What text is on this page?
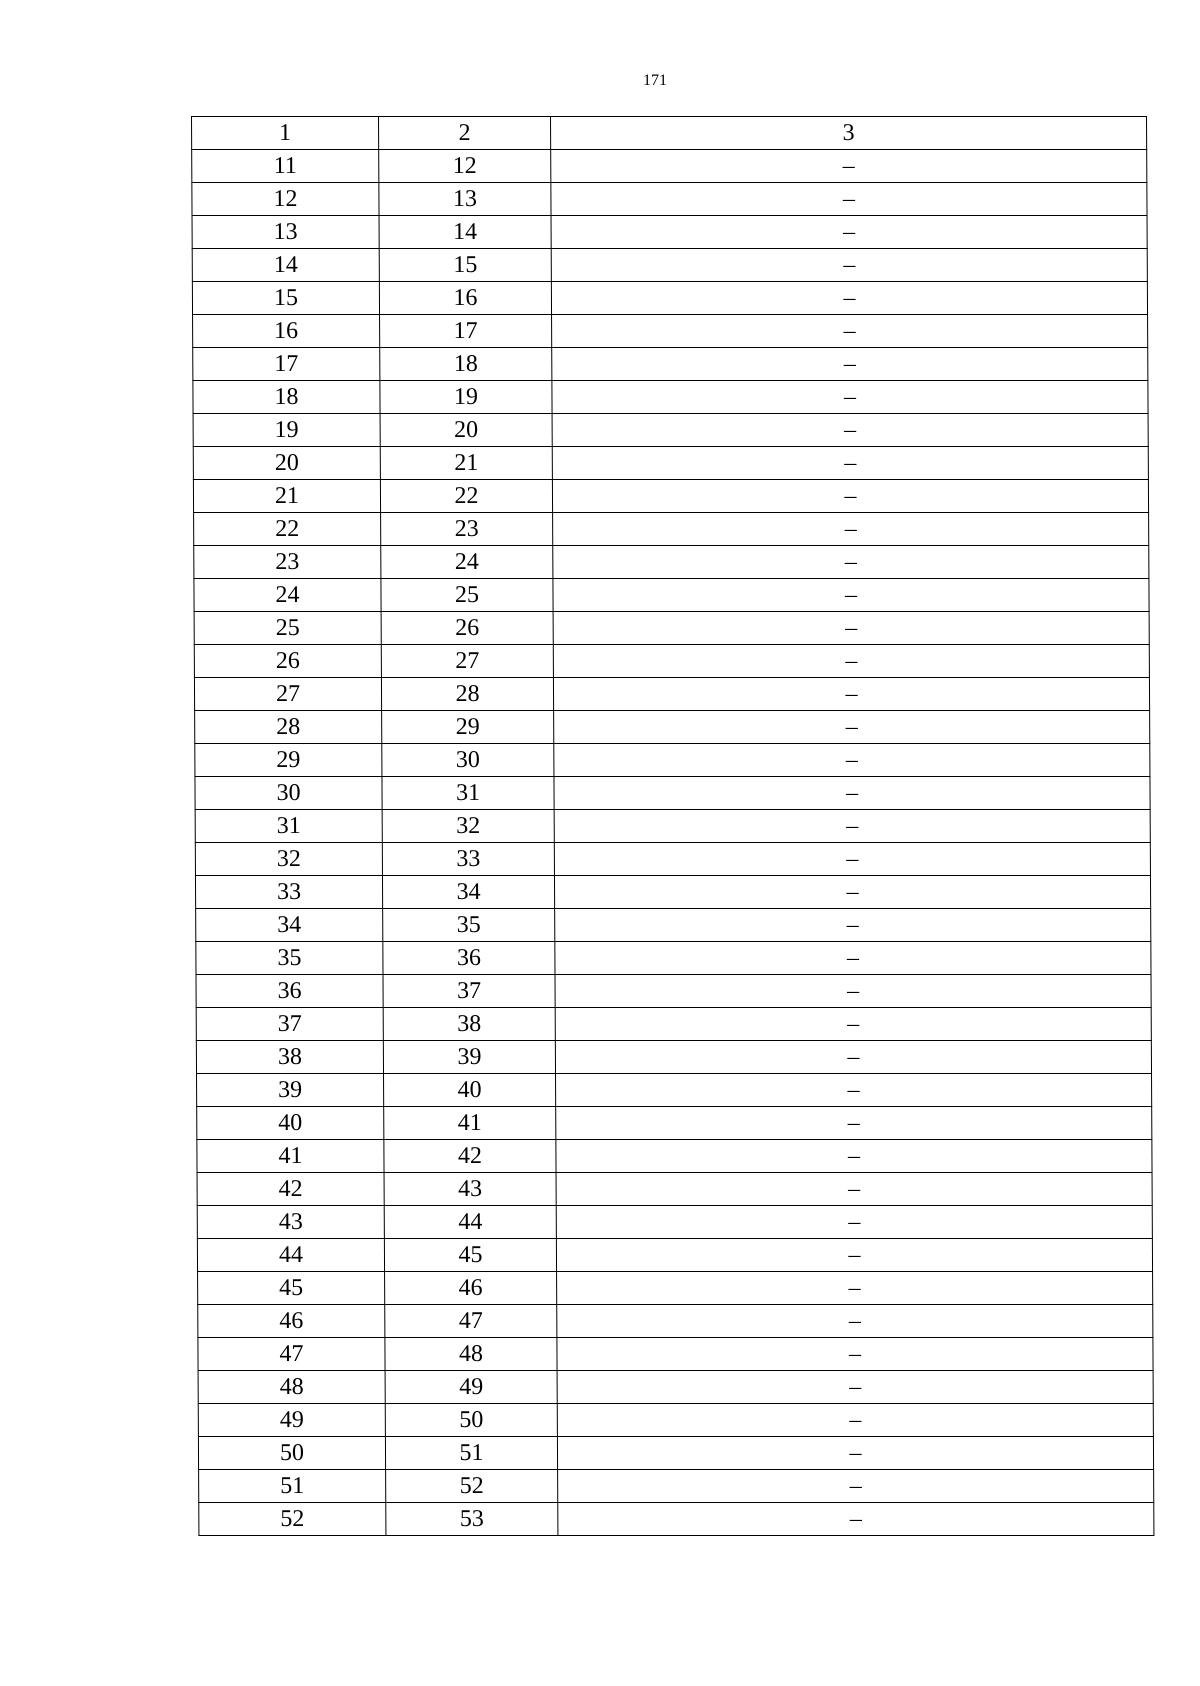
171
1	2	3
11	12	–
12	13	–
13	14	–
14	15	–
15	16	–
16	17	–
17	18	–
18	19	–
19	20	–
20	21	–
21	22	–
22	23	–
23	24	–
24	25	–
25	26	–
26	27	–
27	28	–
28	29	–
29	30	–
30	31	–
31	32	–
32	33	–
33	34	–
34	35	–
35	36	–
36	37	–
37	38	–
38	39	–
39	40	–
40	41	–
41	42	–
42	43	–
43	44	–
44	45	–
45	46	–
46	47	–
47	48	–
48	49	–
49	50	–
50	51	–
51	52	–
52	53	–
